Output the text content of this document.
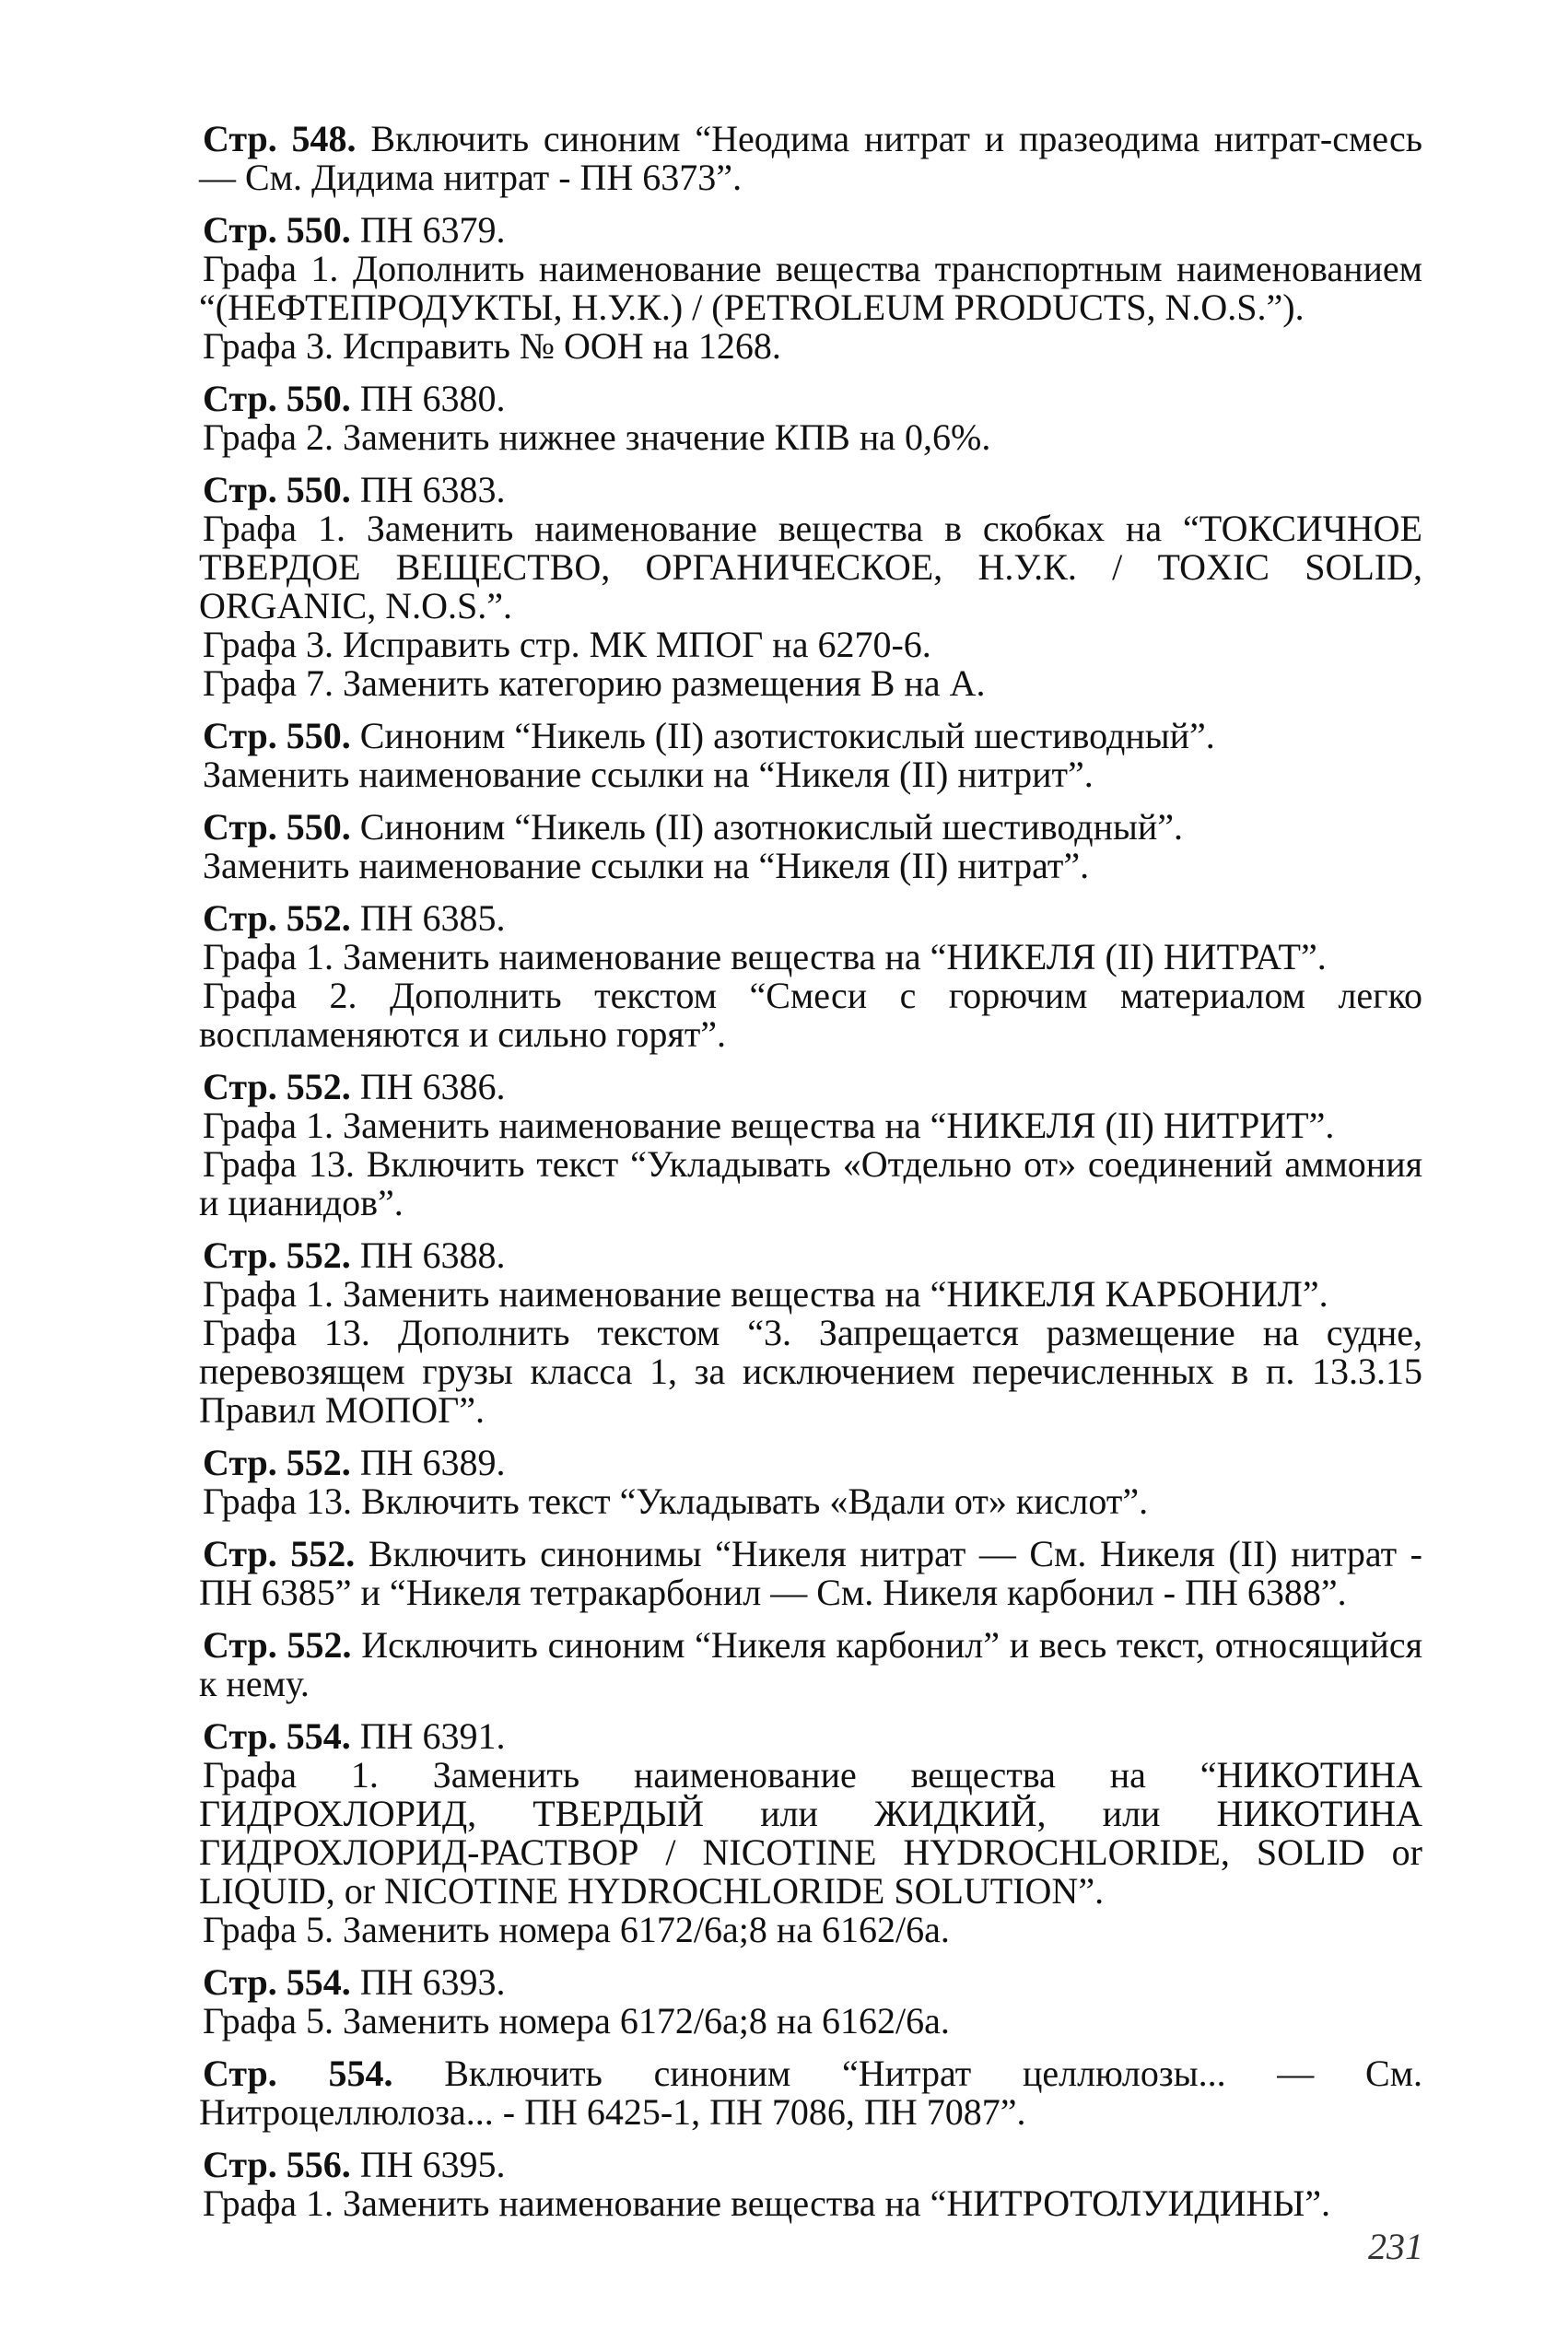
Стр. 548. Включить синоним “Неодима нитрат и празеодима нитрат-смесь — См. Дидима нитрат - ПН 6373”.
Стр. 550. ПН 6379.
Графа 1. Дополнить наименование вещества транспортным наименованием “(НЕФТЕПРОДУКТЫ, Н.У.К.) / (PETROLEUM PRODUCTS, N.O.S.”).
Графа 3. Исправить № ООН на 1268.
Стр. 550. ПН 6380.
Графа 2. Заменить нижнее значение КПВ на 0,6%.
Стр. 550. ПН 6383.
Графа 1. Заменить наименование вещества в скобках на “ТОКСИЧНОЕ ТВЕРДОЕ ВЕЩЕСТВО, ОРГАНИЧЕСКОЕ, Н.У.К. / TOXIC SOLID, ORGANIC, N.O.S.”.
Графа 3. Исправить стр. МК МПОГ на 6270-6.
Графа 7. Заменить категорию размещения В на А.
Стр. 550. Синоним “Никель (II) азотистокислый шестиводный”.
Заменить наименование ссылки на “Никеля (II) нитрит”.
Стр. 550. Синоним “Никель (II) азотнокислый шестиводный”.
Заменить наименование ссылки на “Никеля (II) нитрат”.
Стр. 552. ПН 6385.
Графа 1. Заменить наименование вещества на “НИКЕЛЯ (II) НИТРАТ”.
Графа 2. Дополнить текстом “Смеси с горючим материалом легко воспламеняются и сильно горят”.
Стр. 552. ПН 6386.
Графа 1. Заменить наименование вещества на “НИКЕЛЯ (II) НИТРИТ”.
Графа 13. Включить текст “Укладывать «Отдельно от» соединений аммония и цианидов”.
Стр. 552. ПН 6388.
Графа 1. Заменить наименование вещества на “НИКЕЛЯ КАРБОНИЛ”.
Графа 13. Дополнить текстом “3. Запрещается размещение на судне, перевозящем грузы класса 1, за исключением перечисленных в п. 13.3.15 Правил МОПОГ”.
Стр. 552. ПН 6389.
Графа 13. Включить текст “Укладывать «Вдали от» кислот”.
Стр. 552. Включить синонимы “Никеля нитрат — См. Никеля (II) нитрат - ПН 6385” и “Никеля тетракарбонил — См. Никеля карбонил - ПН 6388”.
Стр. 552. Исключить синоним “Никеля карбонил” и весь текст, относящийся к нему.
Стр. 554. ПН 6391.
Графа 1. Заменить наименование вещества на “НИКОТИНА ГИДРОХЛОРИД, ТВЕРДЫЙ или ЖИДКИЙ, или НИКОТИНА ГИДРОХЛОРИД-РАСТВОР / NICOTINE HYDROCHLORIDE, SOLID or LIQUID, or NICOTINE HYDROCHLORIDE SOLUTION”.
Графа 5. Заменить номера 6172/6а;8 на 6162/6а.
Стр. 554. ПН 6393.
Графа 5. Заменить номера 6172/6а;8 на 6162/6а.
Стр. 554. Включить синоним “Нитрат целлюлозы... — См. Нитроцеллюлоза... - ПН 6425-1, ПН 7086, ПН 7087”.
Стр. 556. ПН 6395.
Графа 1. Заменить наименование вещества на “НИТРОТОЛУИДИНЫ”.
231
